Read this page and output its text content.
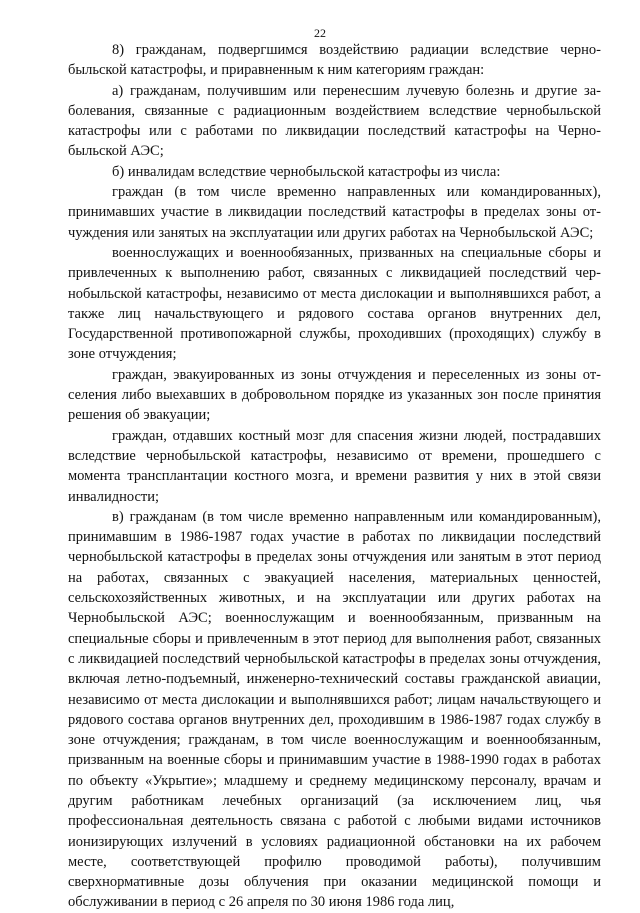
22

8) гражданам, подвергшимся воздействию радиации вследствие чернобыльской катастрофы, и приравненным к ним категориям граждан:

а) гражданам, получившим или перенесшим лучевую болезнь и другие заболевания, связанные с радиационным воздействием вследствие чернобыльской катастрофы или с работами по ликвидации последствий катастрофы на Чернобыльской АЭС;

б) инвалидам вследствие чернобыльской катастрофы из числа:

граждан (в том числе временно направленных или командированных), принимавших участие в ликвидации последствий катастрофы в пределах зоны отчуждения или занятых на эксплуатации или других работах на Чернобыльской АЭС;

военнослужащих и военнообязанных, призванных на специальные сборы и привлеченных к выполнению работ, связанных с ликвидацией последствий чернобыльской катастрофы, независимо от места дислокации и выполнявшихся работ, а также лиц начальствующего и рядового состава органов внутренних дел, Государственной противопожарной службы, проходивших (проходящих) службу в зоне отчуждения;

граждан, эвакуированных из зоны отчуждения и переселенных из зоны отселения либо выехавших в добровольном порядке из указанных зон после принятия решения об эвакуации;

граждан, отдавших костный мозг для спасения жизни людей, пострадавших вследствие чернобыльской катастрофы, независимо от времени, прошедшего с момента трансплантации костного мозга, и времени развития у них в этой связи инвалидности;

в) гражданам (в том числе временно направленным или командированным), принимавшим в 1986-1987 годах участие в работах по ликвидации последствий чернобыльской катастрофы в пределах зоны отчуждения или занятым в этот период на работах, связанных с эвакуацией населения, материальных ценностей, сельскохозяйственных животных, и на эксплуатации или других работах на Чернобыльской АЭС; военнослужащим и военнообязанным, призванным на специальные сборы и привлеченным в этот период для выполнения работ, связанных с ликвидацией последствий чернобыльской катастрофы в пределах зоны отчуждения, включая летно-подъемный, инженерно-технический составы гражданской авиации, независимо от места дислокации и выполнявшихся работ; лицам начальствующего и рядового состава органов внутренних дел, проходившим в 1986-1987 годах службу в зоне отчуждения; гражданам, в том числе военнослужащим и военнообязанным, призванным на военные сборы и принимавшим участие в 1988-1990 годах в работах по объекту «Укрытие»; младшему и среднему медицинскому персоналу, врачам и другим работникам лечебных организаций (за исключением лиц, чья профессиональная деятельность связана с работой с любыми видами источников ионизирующих излучений в условиях радиационной обстановки на их рабочем месте, соответствующей профилю проводимой работы), получившим сверхнормативные дозы облучения при оказании медицинской помощи и обслуживании в период с 26 апреля по 30 июня 1986 года лиц,
